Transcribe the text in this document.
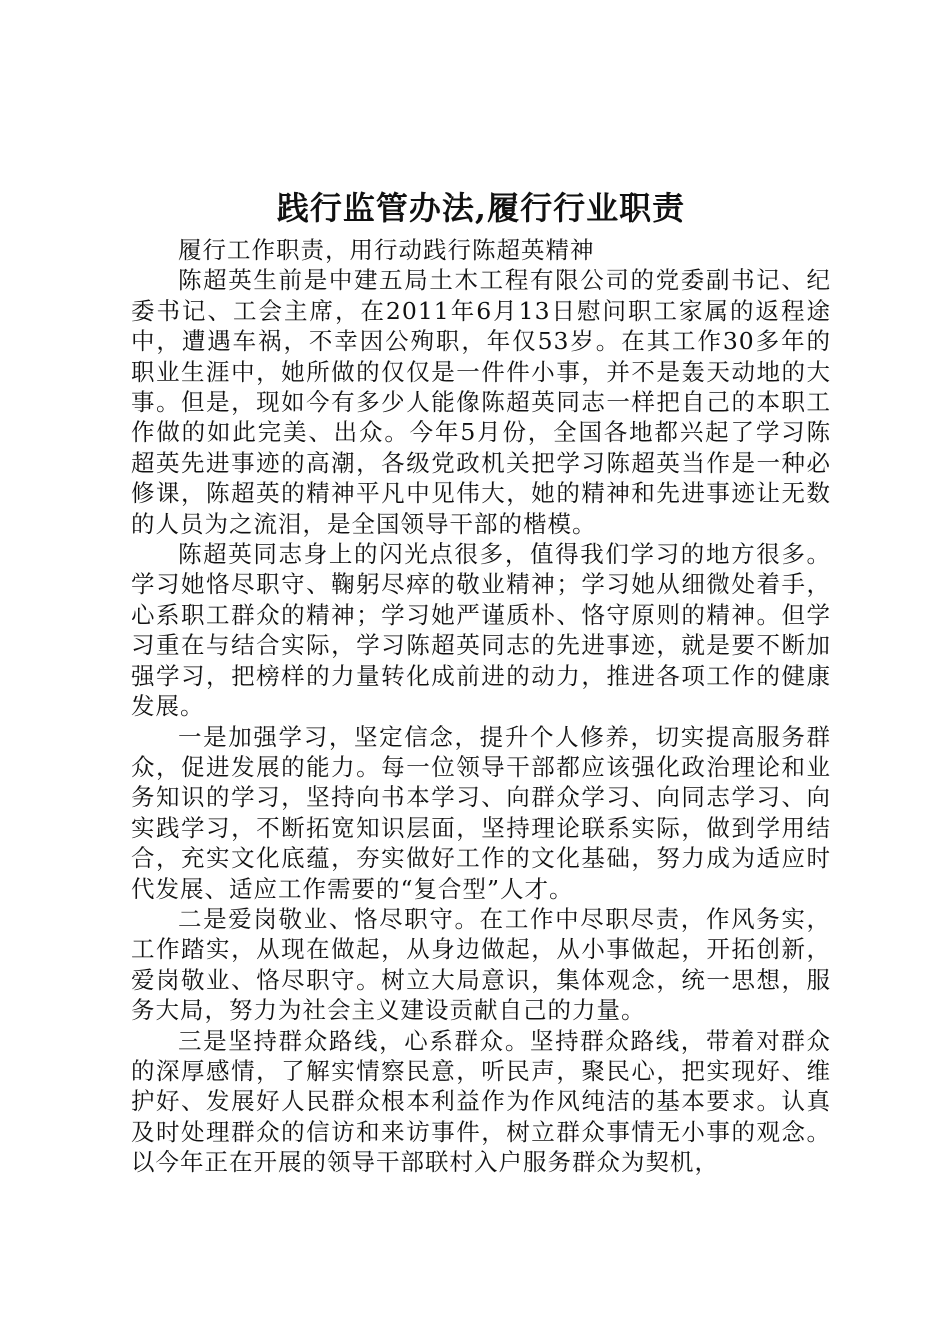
践行监管办法,履行行业职责

履行工作职责，用行动践行陈超英精神

陈超英生前是中建五局土木工程有限公司的党委副书记、纪委书记、工会主席，在2011年6月13日慰问职工家属的返程途中，遭遇车祸，不幸因公殉职，年仅53岁。在其工作30多年的职业生涯中，她所做的仅仅是一件件小事，并不是轰天动地的大事。但是，现如今有多少人能像陈超英同志一样把自己的本职工作做的如此完美、出众。今年5月份，全国各地都兴起了学习陈超英先进事迹的高潮，各级党政机关把学习陈超英当作是一种必修课，陈超英的精神平凡中见伟大，她的精神和先进事迹让无数的人员为之流泪，是全国领导干部的楷模。

陈超英同志身上的闪光点很多，值得我们学习的地方很多。学习她恪尽职守、鞠躬尽瘁的敬业精神；学习她从细微处着手，心系职工群众的精神；学习她严谨质朴、恪守原则的精神。但学习重在与结合实际，学习陈超英同志的先进事迹，就是要不断加强学习，把榜样的力量转化成前进的动力，推进各项工作的健康发展。

一是加强学习，坚定信念，提升个人修养，切实提高服务群众，促进发展的能力。每一位领导干部都应该强化政治理论和业务知识的学习，坚持向书本学习、向群众学习、向同志学习、向实践学习，不断拓宽知识层面，坚持理论联系实际，做到学用结合，充实文化底蕴，夯实做好工作的文化基础，努力成为适应时代发展、适应工作需要的“复合型”人才。

二是爱岗敬业、恪尽职守。在工作中尽职尽责，作风务实，工作踏实，从现在做起，从身边做起，从小事做起，开拓创新，爱岗敬业、恪尽职守。树立大局意识，集体观念，统一思想，服务大局，努力为社会主义建设贡献自己的力量。

三是坚持群众路线，心系群众。坚持群众路线，带着对群众的深厚感情，了解实情察民意，听民声，聚民心，把实现好、维护好、发展好人民群众根本利益作为作风纯洁的基本要求。认真及时处理群众的信访和来访事件，树立群众事情无小事的观念。以今年正在开展的领导干部联村入户服务群众为契机，
